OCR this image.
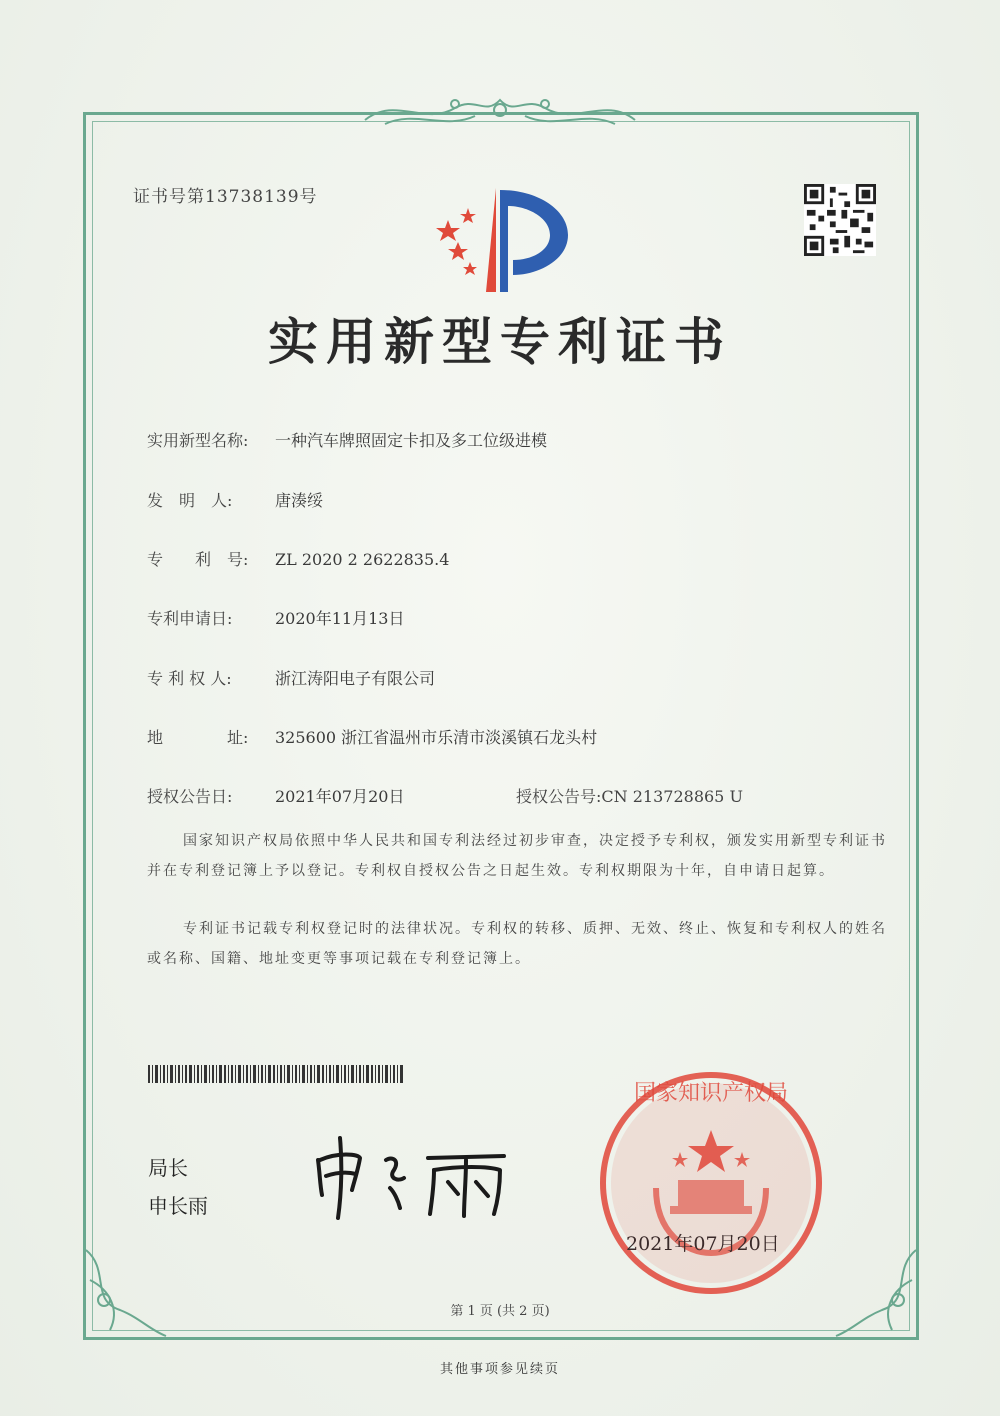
证书号第13738139号
实用新型专利证书
实用新型名称: 一种汽车牌照固定卡扣及多工位级进模
发　明　人:	唐湊绥
专　　利　号: ZL 2020 2 2622835.4
专利申请日:	2020年11月13日
专 利 权 人:	浙江涛阳电子有限公司
地　　　　址: 325600 浙江省温州市乐清市淡溪镇石龙头村
授权公告日:	2021年07月20日	授权公告号:CN 213728865 U
国家知识产权局依照中华人民共和国专利法经过初步审查，决定授予专利权，颁发实用新型专利证书并在专利登记簿上予以登记。专利权自授权公告之日起生效。专利权期限为十年，自申请日起算。
专利证书记载专利权登记时的法律状况。专利权的转移、质押、无效、终止、恢复和专利权人的姓名或名称、国籍、地址变更等事项记载在专利登记簿上。
局长
申长雨
国家知识产权局
2021年07月20日
第 1 页 (共 2 页)
其他事项参见续页
